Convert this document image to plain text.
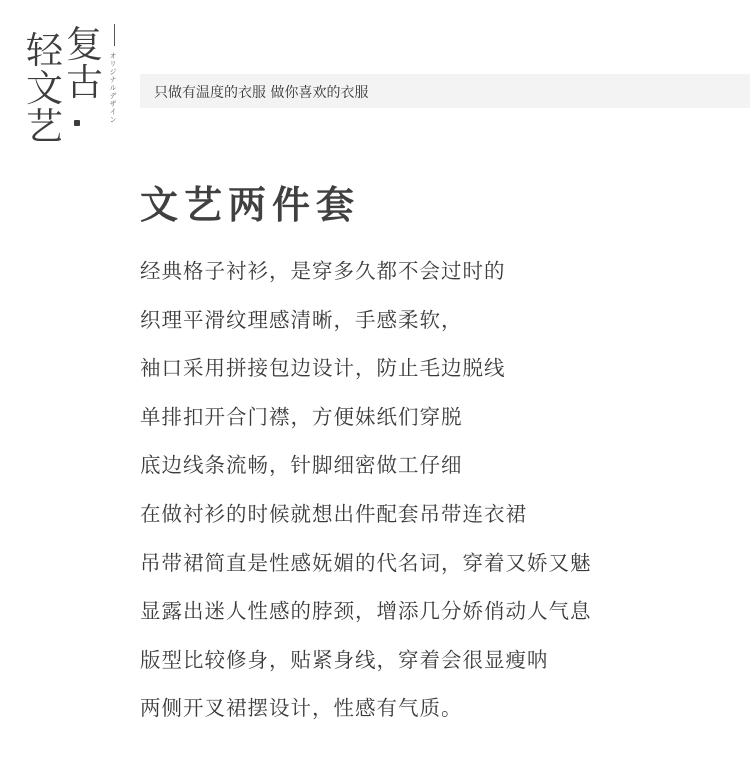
轻
文
艺
复
古 オリジナルデザイン	只做有温度的衣服 做你喜欢的衣服
文艺两件套
经典格子衬衫，是穿多久都不会过时的
织理平滑纹理感清晰，手感柔软，
袖口采用拼接包边设计，防止毛边脱线
单排扣开合门襟，方便妹纸们穿脱
底边线条流畅，针脚细密做工仔细
在做衬衫的时候就想出件配套吊带连衣裙
吊带裙简直是性感妩媚的代名词，穿着又娇又魅
显露出迷人性感的脖颈，增添几分娇俏动人气息
版型比较修身，贴紧身线，穿着会很显瘦呐
两侧开叉裙摆设计，性感有气质。
